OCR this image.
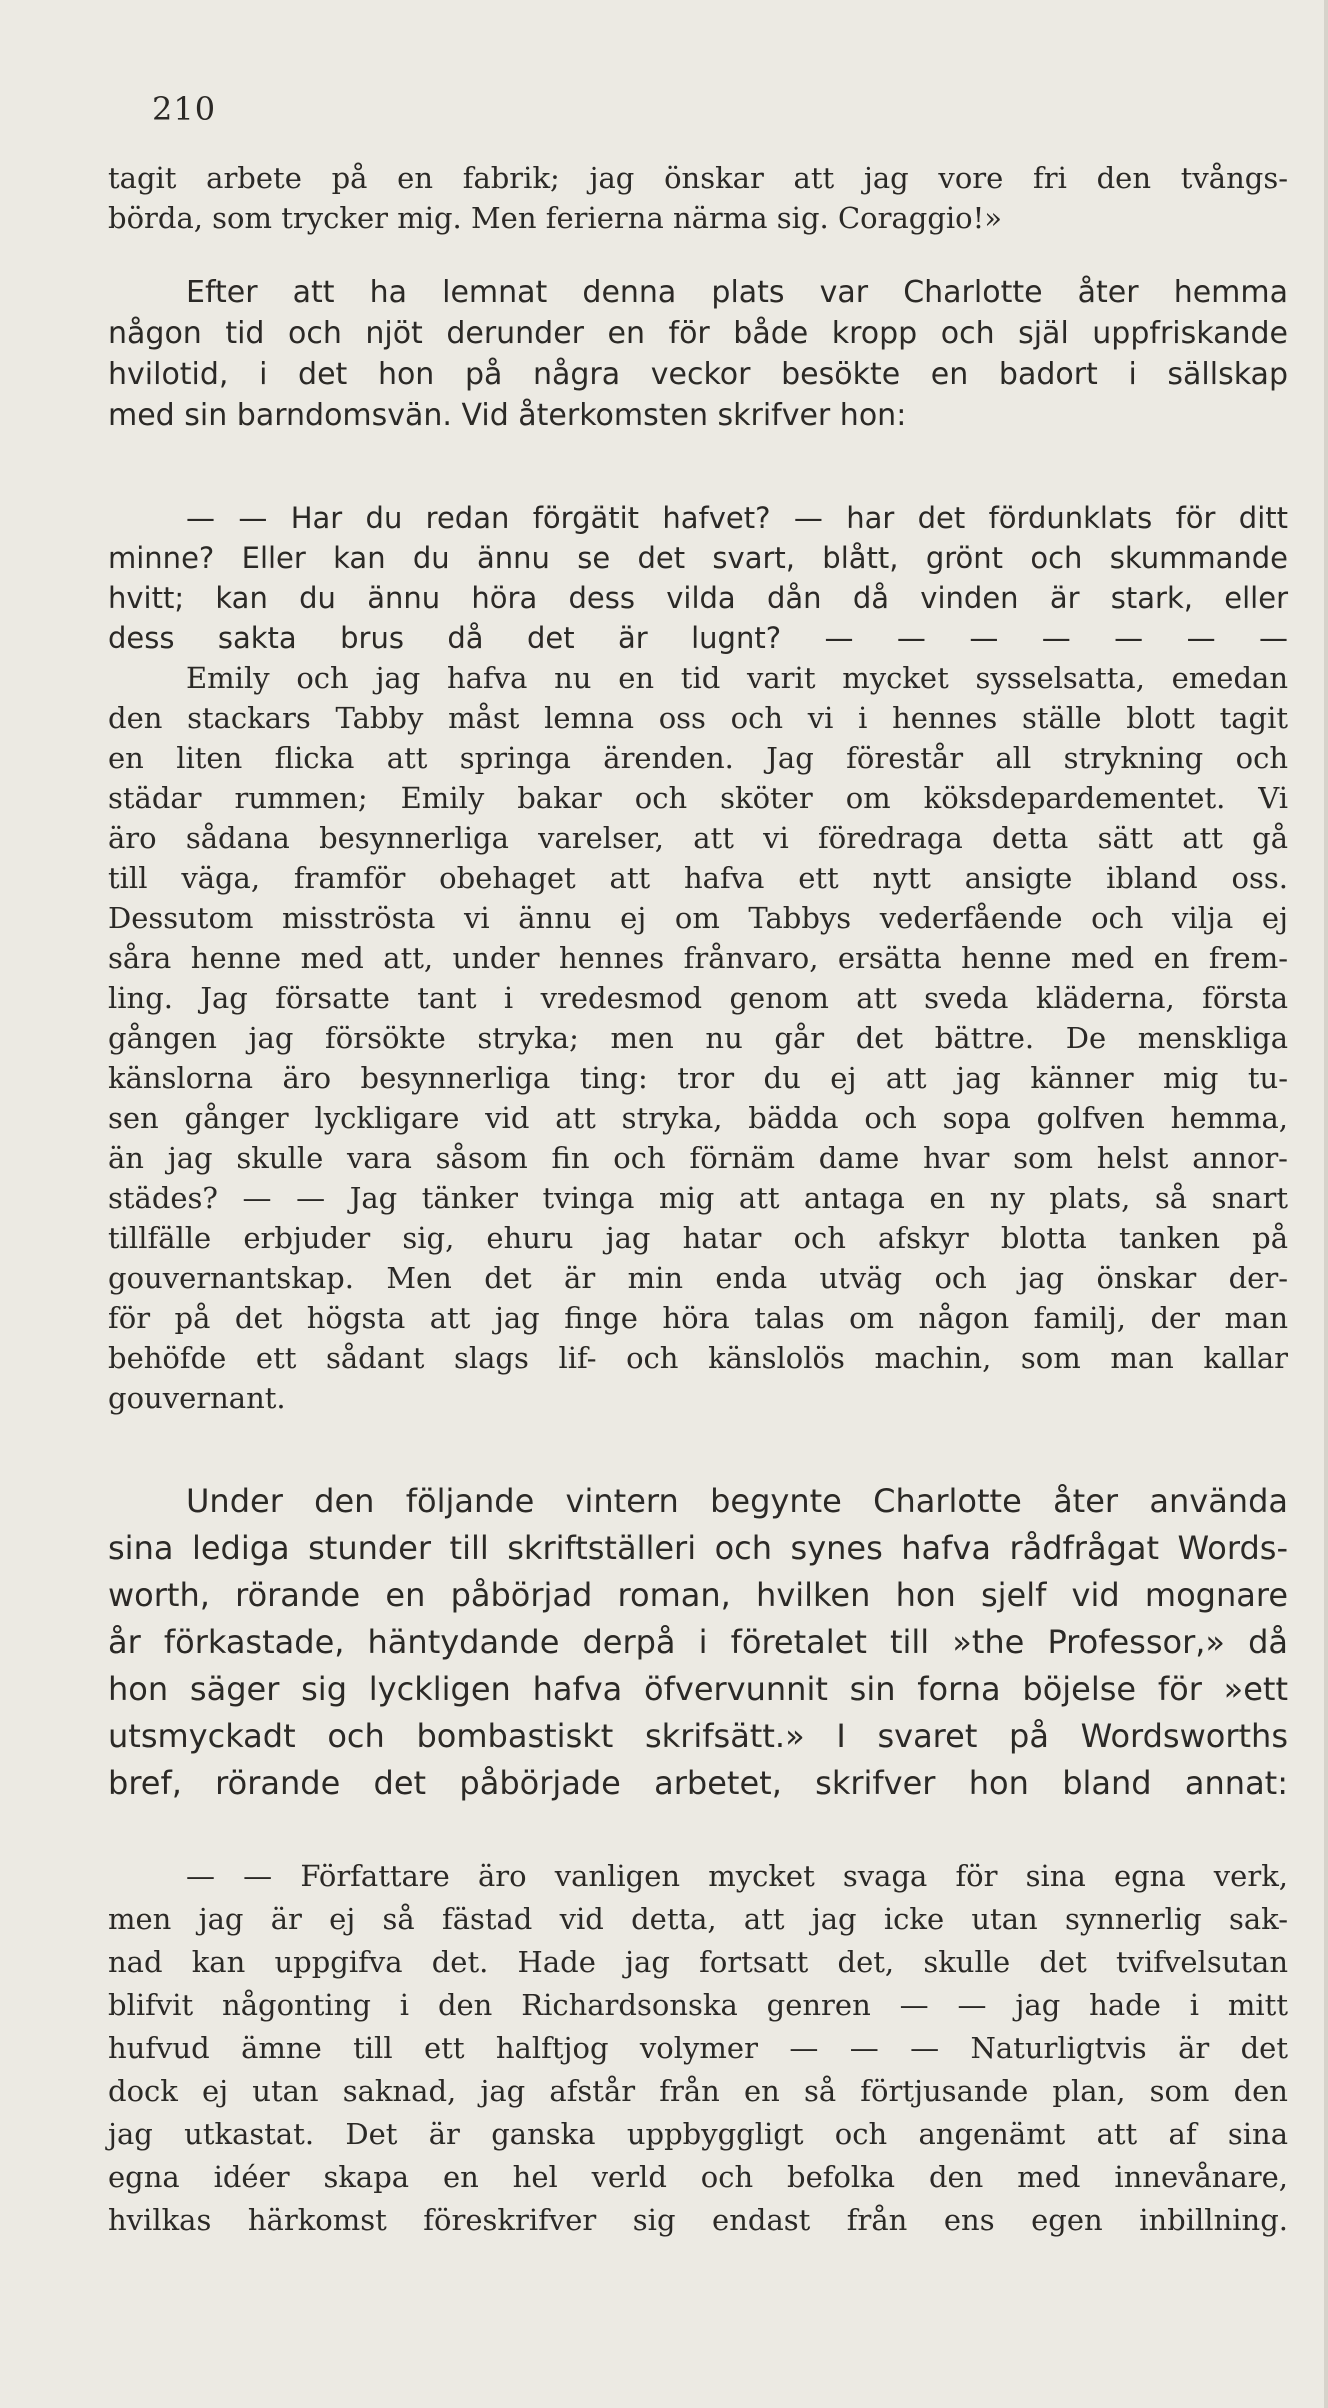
210
tagit arbete på en fabrik; jag önskar att jag vore fri den tvångs-
börda, som trycker mig. Men ferierna närma sig. Coraggio!»
Efter att ha lemnat denna plats var Charlotte åter hemma
någon tid och njöt derunder en för både kropp och själ uppfriskande
hvilotid, i det hon på några veckor besökte en badort i sällskap
med sin barndomsvän. Vid återkomsten skrifver hon:
— — Har du redan förgätit hafvet? — har det fördunklats för ditt
minne? Eller kan du ännu se det svart, blått, grönt och skummande
hvitt; kan du ännu höra dess vilda dån då vinden är stark, eller
dess sakta brus då det är lugnt? — — — — — — —
Emily och jag hafva nu en tid varit mycket sysselsatta, emedan
den stackars Tabby måst lemna oss och vi i hennes ställe blott tagit
en liten flicka att springa ärenden. Jag förestår all strykning och
städar rummen; Emily bakar och sköter om köksdepardementet. Vi
äro sådana besynnerliga varelser, att vi föredraga detta sätt att gå
till väga, framför obehaget att hafva ett nytt ansigte ibland oss.
Dessutom misströsta vi ännu ej om Tabbys vederfående och vilja ej
såra henne med att, under hennes frånvaro, ersätta henne med en frem-
ling. Jag försatte tant i vredesmod genom att sveda kläderna, första
gången jag försökte stryka; men nu går det bättre. De menskliga
känslorna äro besynnerliga ting: tror du ej att jag känner mig tu-
sen gånger lyckligare vid att stryka, bädda och sopa golfven hemma,
än jag skulle vara såsom fin och förnäm dame hvar som helst annor-
städes? — — Jag tänker tvinga mig att antaga en ny plats, så snart
tillfälle erbjuder sig, ehuru jag hatar och afskyr blotta tanken på
gouvernantskap. Men det är min enda utväg och jag önskar der-
för på det högsta att jag finge höra talas om någon familj, der man
behöfde ett sådant slags lif- och känslolös machin, som man kallar
gouvernant.
Under den följande vintern begynte Charlotte åter använda
sina lediga stunder till skriftställeri och synes hafva rådfrågat Words-
worth, rörande en påbörjad roman, hvilken hon sjelf vid mognare
år förkastade, häntydande derpå i företalet till »the Professor,» då
hon säger sig lyckligen hafva öfvervunnit sin forna böjelse för »ett
utsmyckadt och bombastiskt skrifsätt.» I svaret på Wordsworths
bref, rörande det påbörjade arbetet, skrifver hon bland annat:
— — Författare äro vanligen mycket svaga för sina egna verk,
men jag är ej så fästad vid detta, att jag icke utan synnerlig sak-
nad kan uppgifva det. Hade jag fortsatt det, skulle det tvifvelsutan
blifvit någonting i den Richardsonska genren — — jag hade i mitt
hufvud ämne till ett halftjog volymer — — — Naturligtvis är det
dock ej utan saknad, jag afstår från en så förtjusande plan, som den
jag utkastat. Det är ganska uppbyggligt och angenämt att af sina
egna idéer skapa en hel verld och befolka den med innevånare,
hvilkas härkomst föreskrifver sig endast från ens egen inbillning.
